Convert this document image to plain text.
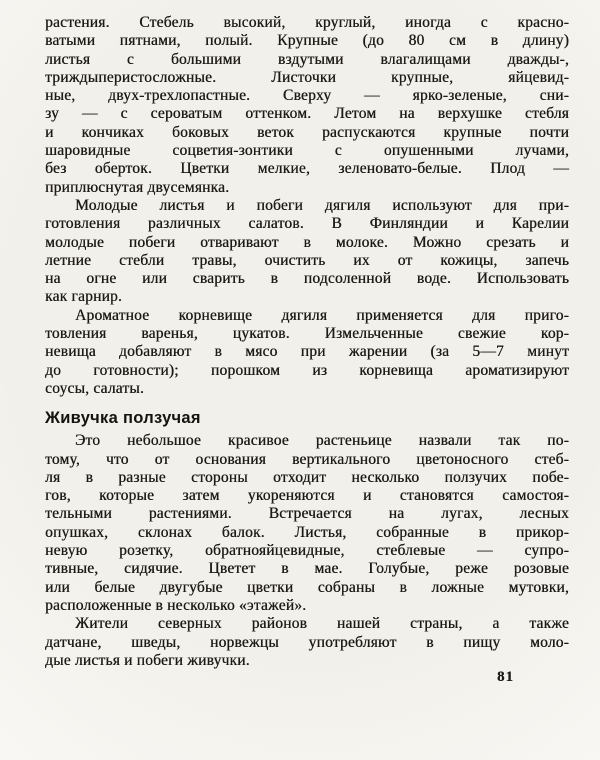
растения. Стебель высокий, круглый, иногда с красно-
ватыми пятнами, полый. Крупные (до 80 см в длину)
листья с большими вздутыми влагалищами дважды-,
триждыперистосложные. Листочки крупные, яйцевид-
ные, двух-трехлопастные. Сверху — ярко-зеленые, сни-
зу — с сероватым оттенком. Летом на верхушке стебля
и кончиках боковых веток распускаются крупные почти
шаровидные соцветия-зонтики с опушенными лучами,
без оберток. Цветки мелкие, зеленовато-белые. Плод —
приплюснутая двусемянка.
Молодые листья и побеги дягиля используют для при-
готовления различных салатов. В Финляндии и Карелии
молодые побеги отваривают в молоке. Можно срезать и
летние стебли травы, очистить их от кожицы, запечь
на огне или сварить в подсоленной воде. Использовать
как гарнир.
Ароматное корневище дягиля применяется для приго-
товления варенья, цукатов. Измельченные свежие кор-
невища добавляют в мясо при жарении (за 5—7 минут
до готовности); порошком из корневища ароматизируют
соусы, салаты.
Живучка ползучая
Это небольшое красивое растеньице назвали так по-
тому, что от основания вертикального цветоносного стеб-
ля в разные стороны отходит несколько ползучих побе-
гов, которые затем укореняются и становятся самостоя-
тельными растениями. Встречается на лугах, лесных
опушках, склонах балок. Листья, собранные в прикор-
невую розетку, обратнояйцевидные, стеблевые — супро-
тивные, сидячие. Цветет в мае. Голубые, реже розовые
или белые двугубые цветки собраны в ложные мутовки,
расположенные в несколько «этажей».
Жители северных районов нашей страны, а также
датчане, шведы, норвежцы употребляют в пищу моло-
дые листья и побеги живучки.
81
